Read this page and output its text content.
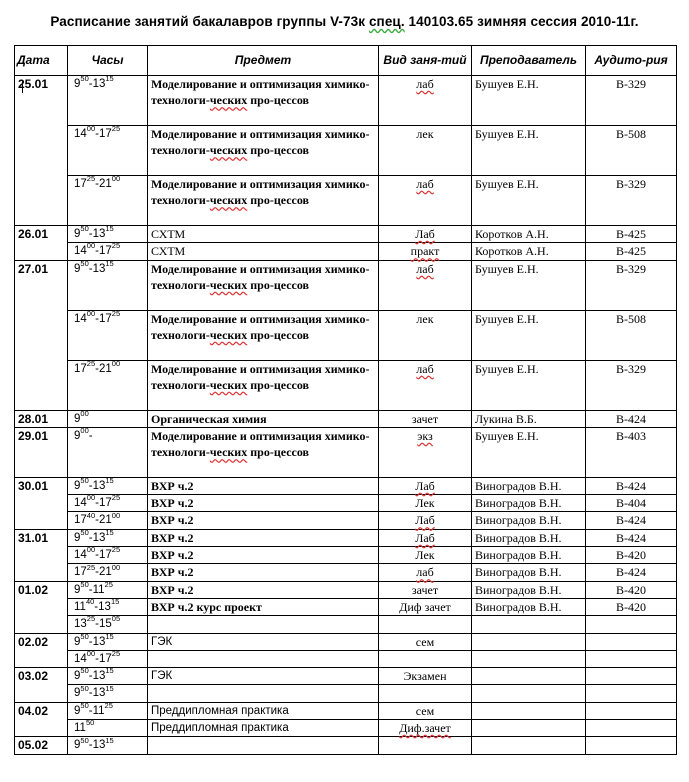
Расписание занятий бакалавров группы V-73к спец. 140103.65 зимняя сессия 2010-11г.
Дата	Часы	Предмет	Вид заня-тий	Преподаватель	Аудито-рия
25.01	$9^{50}-13^{15}$	Моделирование и оптимизация химико-технологи-ческих про-цессов	лаб	Бушуев Е.Н.	В-329
	$14^{00}-17^{25}$	Моделирование и оптимизация химико-технологи-ческих про-цессов	лек	Бушуев Е.Н.	В-508
	$17^{25}-21^{00}$	Моделирование и оптимизация химико-технологи-ческих про-цессов	лаб	Бушуев Е.Н.	В-329
26.01	$9^{50}-13^{15}$	СХТМ	Лаб	Коротков А.Н.	В-425
	$14^{00}-17^{25}$	СХТМ	практ	Коротков А.Н.	В-425
27.01	$9^{50}-13^{15}$	Моделирование и оптимизация химико-технологи-ческих про-цессов	лаб	Бушуев Е.Н.	В-329
	$14^{00}-17^{25}$	Моделирование и оптимизация химико-технологи-ческих про-цессов	лек	Бушуев Е.Н.	В-508
	$17^{25}-21^{00}$	Моделирование и оптимизация химико-технологи-ческих про-цессов	лаб	Бушуев Е.Н.	В-329
28.01	$9^{00}$	Органическая химия	зачет	Лукина В.Б.	В-424
29.01	$9^{00}-$	Моделирование и оптимизация химико-технологи-ческих про-цессов	экз	Бушуев Е.Н.	В-403
30.01	$9^{50}-13^{15}$	ВХР ч.2	Лаб	Виноградов В.Н.	В-424
	$14^{00}-17^{25}$	ВХР ч.2	Лек	Виноградов В.Н.	В-404
	$17^{40}-21^{00}$	ВХР ч.2	Лаб	Виноградов В.Н.	В-424
31.01	$9^{50}-13^{15}$	ВХР ч.2	Лаб	Виноградов В.Н.	В-424
	$14^{00}-17^{25}$	ВХР ч.2	Лек	Виноградов В.Н.	В-420
	$17^{25}-21^{00}$	ВХР ч.2	лаб	Виноградов В.Н.	В-424
01.02	$9^{50}-11^{25}$	ВХР ч.2	зачет	Виноградов В.Н.	В-420
	$11^{40}-13^{15}$	ВХР ч.2 курс проект	Диф зачет	Виноградов В.Н.	В-420
	$13^{25}-15^{05}$				
02.02	$9^{50}-13^{15}$	ГЭК	сем		
	$14^{00}-17^{25}$				
03.02	$9^{50}-13^{15}$	ГЭК	Экзамен		
	$9^{50}-13^{15}$				
04.02	$9^{50}-11^{25}$	Преддипломная практика	сем		
	$11^{50}$	Преддипломная практика	Диф.зачет		
05.02	$9^{50}-13^{15}$				
